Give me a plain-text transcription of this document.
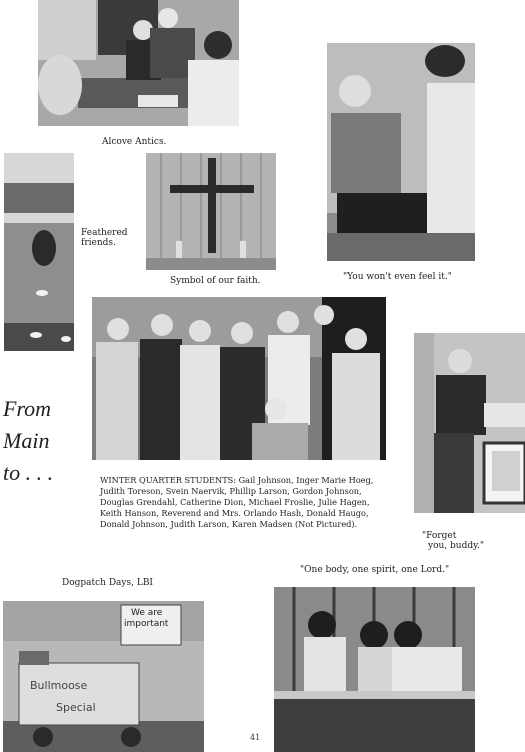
Alcove Antics.
"You won't even feel it."
Feathered
friends.
Symbol of our faith.
From
Main
to . . .	WINTER QUARTER STUDENTS: Gail Johnson, Inger Marie Hoeg,
Judith Toreson, Svein Naervik, Phillip Larson, Gordon Johnson,
Douglas Grendahl, Catherine Dion, Michael Froslie, Julie Hagen,
Keith Hanson, Reverend and Mrs. Orlando Hash, Donald Haugo,
Donald Johnson, Judith Larson, Karen Madsen (Not Pictured).
"Forget
you, buddy."
Dogpatch Days, LBI
"One body, one spirit, one Lord."
We are
important
Bullmoose
Special
41
